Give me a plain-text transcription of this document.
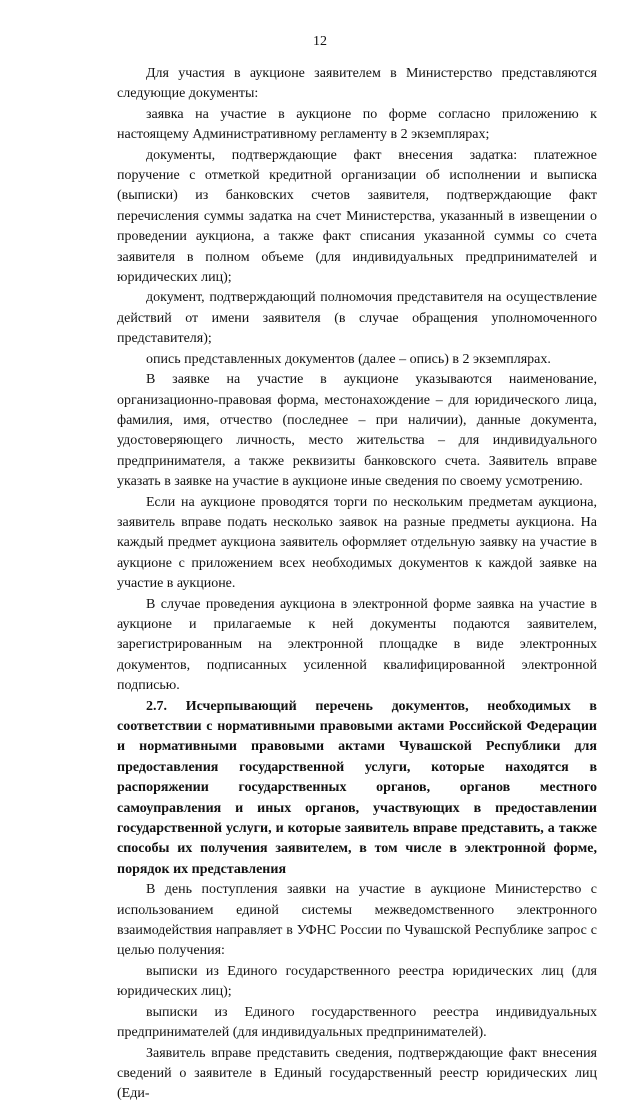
12

Для участия в аукционе заявителем в Министерство представляются следующие документы:

заявка на участие в аукционе по форме согласно приложению к настоящему Административному регламенту в 2 экземплярах;

документы, подтверждающие факт внесения задатка: платежное поручение с отметкой кредитной организации об исполнении и выписка (выписки) из банковских счетов заявителя, подтверждающие факт перечисления суммы задатка на счет Министерства, указанный в извещении о проведении аукциона, а также факт списания указанной суммы со счета заявителя в полном объеме (для индивидуальных предпринимателей и юридических лиц);

документ, подтверждающий полномочия представителя на осуществление действий от имени заявителя (в случае обращения уполномоченного представителя);

опись представленных документов (далее – опись) в 2 экземплярах.

В заявке на участие в аукционе указываются наименование, организационно-правовая форма, местонахождение – для юридического лица, фамилия, имя, отчество (последнее – при наличии), данные документа, удостоверяющего личность, место жительства – для индивидуального предпринимателя, а также реквизиты банковского счета. Заявитель вправе указать в заявке на участие в аукционе иные сведения по своему усмотрению.

Если на аукционе проводятся торги по нескольким предметам аукциона, заявитель вправе подать несколько заявок на разные предметы аукциона. На каждый предмет аукциона заявитель оформляет отдельную заявку на участие в аукционе с приложением всех необходимых документов к каждой заявке на участие в аукционе.

В случае проведения аукциона в электронной форме заявка на участие в аукционе и прилагаемые к ней документы подаются заявителем, зарегистрированным на электронной площадке в виде электронных документов, подписанных усиленной квалифицированной электронной подписью.

2.7. Исчерпывающий перечень документов, необходимых в соответствии с нормативными правовыми актами Российской Федерации и нормативными правовыми актами Чувашской Республики для предоставления государственной услуги, которые находятся в распоряжении государственных органов, органов местного самоуправления и иных органов, участвующих в предоставлении государственной услуги, и которые заявитель вправе представить, а также способы их получения заявителем, в том числе в электронной форме, порядок их представления

В день поступления заявки на участие в аукционе Министерство с использованием единой системы межведомственного электронного взаимодействия направляет в УФНС России по Чувашской Республике запрос с целью получения:

выписки из Единого государственного реестра юридических лиц (для юридических лиц);

выписки из Единого государственного реестра индивидуальных предпринимателей (для индивидуальных предпринимателей).

Заявитель вправе представить сведения, подтверждающие факт внесения сведений о заявителе в Единый государственный реестр юридических лиц (Еди-
